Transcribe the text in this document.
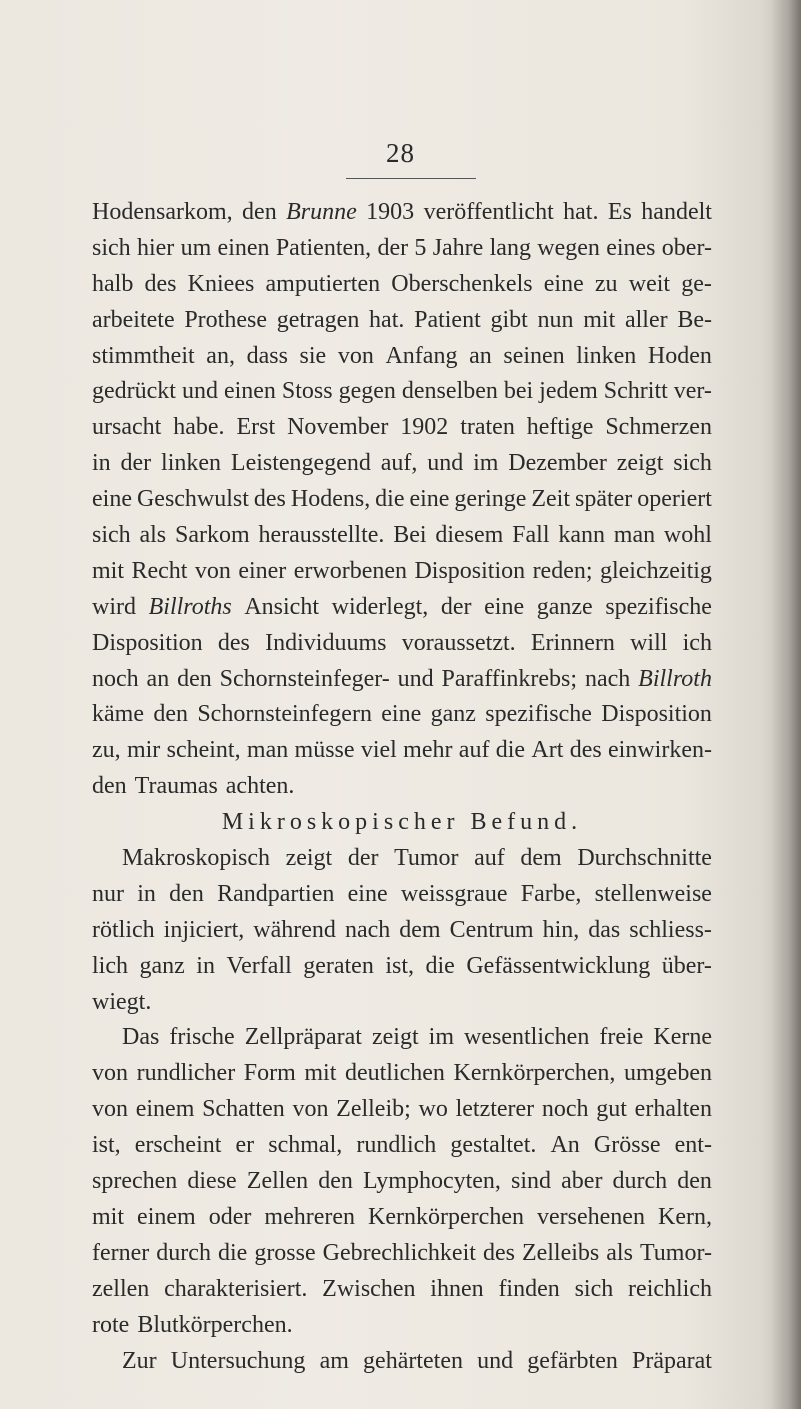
28
Hodensarkom, den Brunne 1903 veröffentlicht hat. Es handelt
sich hier um einen Patienten, der 5 Jahre lang wegen eines ober-
halb des Kniees amputierten Oberschenkels eine zu weit ge-
arbeitete Prothese getragen hat. Patient gibt nun mit aller Be-
stimmtheit an, dass sie von Anfang an seinen linken Hoden
gedrückt und einen Stoss gegen denselben bei jedem Schritt ver-
ursacht habe. Erst November 1902 traten heftige Schmerzen
in der linken Leistengegend auf, und im Dezember zeigt sich
eine Geschwulst des Hodens, die eine geringe Zeit später operiert
sich als Sarkom herausstellte. Bei diesem Fall kann man wohl
mit Recht von einer erworbenen Disposition reden; gleichzeitig
wird Billroths Ansicht widerlegt, der eine ganze spezifische
Disposition des Individuums voraussetzt. Erinnern will ich
noch an den Schornsteinfeger- und Paraffinkrebs; nach Billroth
käme den Schornsteinfegern eine ganz spezifische Disposition
zu, mir scheint, man müsse viel mehr auf die Art des einwirken-
den Traumas achten.
Mikroskopischer Befund.
Makroskopisch zeigt der Tumor auf dem Durchschnitte
nur in den Randpartien eine weissgraue Farbe, stellenweise
rötlich injiciert, während nach dem Centrum hin, das schliess-
lich ganz in Verfall geraten ist, die Gefässentwicklung über-
wiegt.
Das frische Zellpräparat zeigt im wesentlichen freie Kerne
von rundlicher Form mit deutlichen Kernkörperchen, umgeben
von einem Schatten von Zelleib; wo letzterer noch gut erhalten
ist, erscheint er schmal, rundlich gestaltet. An Grösse ent-
sprechen diese Zellen den Lymphocyten, sind aber durch den
mit einem oder mehreren Kernkörperchen versehenen Kern,
ferner durch die grosse Gebrechlichkeit des Zelleibs als Tumor-
zellen charakterisiert. Zwischen ihnen finden sich reichlich
rote Blutkörperchen.
Zur Untersuchung am gehärteten und gefärbten Präparat
